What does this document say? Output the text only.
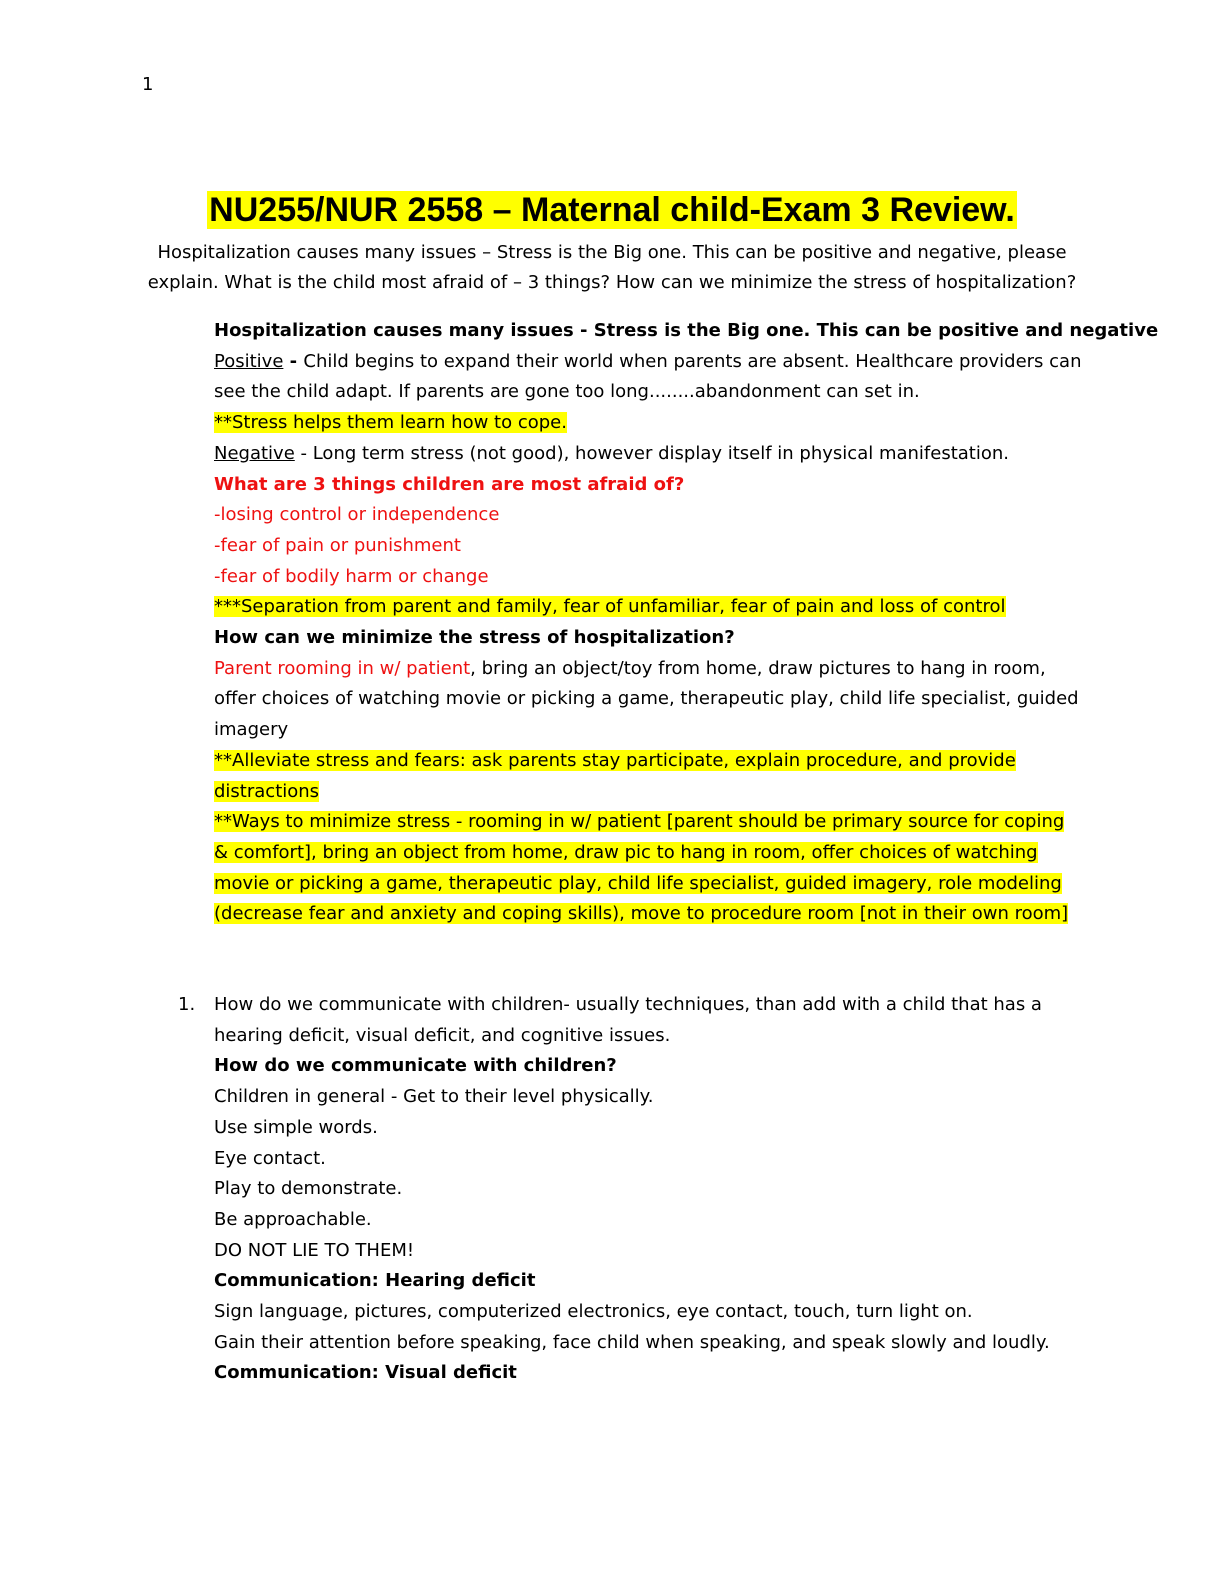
1
NU255/NUR 2558 – Maternal child-Exam 3 Review.
Hospitalization causes many issues – Stress is the Big one. This can be positive and negative, please
explain. What is the child most afraid of – 3 things? How can we minimize the stress of hospitalization?

Hospitalization causes many issues - Stress is the Big one. This can be positive and negative

Positive - Child begins to expand their world when parents are absent. Healthcare providers can

see the child adapt. If parents are gone too long........abandonment can set in.

**Stress helps them learn how to cope.

Negative - Long term stress (not good), however display itself in physical manifestation.

What are 3 things children are most afraid of?

-losing control or independence

-fear of pain or punishment

-fear of bodily harm or change

***Separation from parent and family, fear of unfamiliar, fear of pain and loss of control

How can we minimize the stress of hospitalization?

Parent rooming in w/ patient, bring an object/toy from home, draw pictures to hang in room,

offer choices of watching movie or picking a game, therapeutic play, child life specialist, guided

imagery

**Alleviate stress and fears: ask parents stay participate, explain procedure, and provide

distractions

**Ways to minimize stress - rooming in w/ patient [parent should be primary source for coping

& comfort], bring an object from home, draw pic to hang in room, offer choices of watching

movie or picking a game, therapeutic play, child life specialist, guided imagery, role modeling

(decrease fear and anxiety and coping skills), move to procedure room [not in their own room]

1. How do we communicate with children- usually techniques, than add with a child that has a

hearing deficit, visual deficit, and cognitive issues.

How do we communicate with children?

Children in general - Get to their level physically.

Use simple words.

Eye contact.

Play to demonstrate.

Be approachable.

DO NOT LIE TO THEM!

Communication: Hearing deficit

Sign language, pictures, computerized electronics, eye contact, touch, turn light on.

Gain their attention before speaking, face child when speaking, and speak slowly and loudly.

Communication: Visual deficit
